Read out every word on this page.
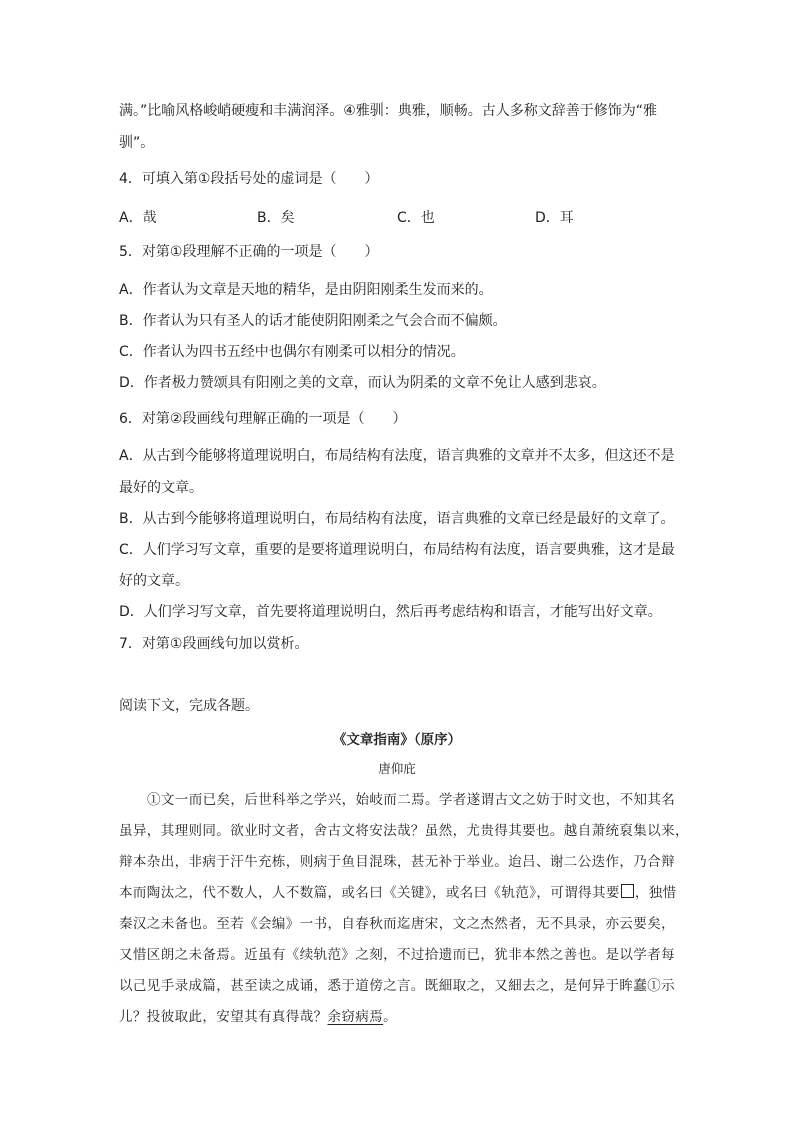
满。”比喻风格峻峭硬瘦和丰满润泽。④雅驯：典雅，顺畅。古人多称文辞善于修饰为“雅
驯”。
4．可填入第①段括号处的虚词是（　　）
A．哉	B．矣	C．也	D．耳
5．对第①段理解不正确的一项是（　　）
A．作者认为文章是天地的精华，是由阴阳刚柔生发而来的。
B．作者认为只有圣人的话才能使阴阳刚柔之气会合而不偏颇。
C．作者认为四书五经中也偶尔有刚柔可以相分的情况。
D．作者极力赞颂具有阳刚之美的文章，而认为阴柔的文章不免让人感到悲哀。
6．对第②段画线句理解正确的一项是（　　）
A．从古到今能够将道理说明白，布局结构有法度，语言典雅的文章并不太多，但这还不是
最好的文章。
B．从古到今能够将道理说明白，布局结构有法度，语言典雅的文章已经是最好的文章了。
C．人们学习写文章，重要的是要将道理说明白，布局结构有法度，语言要典雅，这才是最
好的文章。
D．人们学习写文章，首先要将道理说明白，然后再考虑结构和语言，才能写出好文章。
7．对第①段画线句加以赏析。
阅读下文，完成各题。
《文章指南》（原序）
唐仰庇
①文一而已矣，后世科举之学兴，始岐而二焉。学者遂谓古文之妨于时文也，不知其名
虽异，其理则同。欲业时文者，舍古文将安法哉？虽然，尤贵得其要也。越自萧统裒集以来，
辩本杂出，非病于汗牛充栋，则病于鱼目混珠，甚无补于举业。迨吕、谢二公迭作，乃合辩
本而陶汰之，代不数人，人不数篇，或名曰《关键》，或名曰《轨范》，可谓得其要 ，独惜
秦汉之未备也。至若《会编》一书，自春秋而迄唐宋，文之杰然者，无不具录，亦云要矣，
又惜区朗之未备焉。近虽有《续轨范》之刻，不过拾遗而已，犹非本然之善也。是以学者每
以己见手录成篇，甚至读之成诵，悉于道傍之言。既細取之，又細去之，是何异于眸蠢①示
儿？投彼取此，安望其有真得哉？余窃病焉。
